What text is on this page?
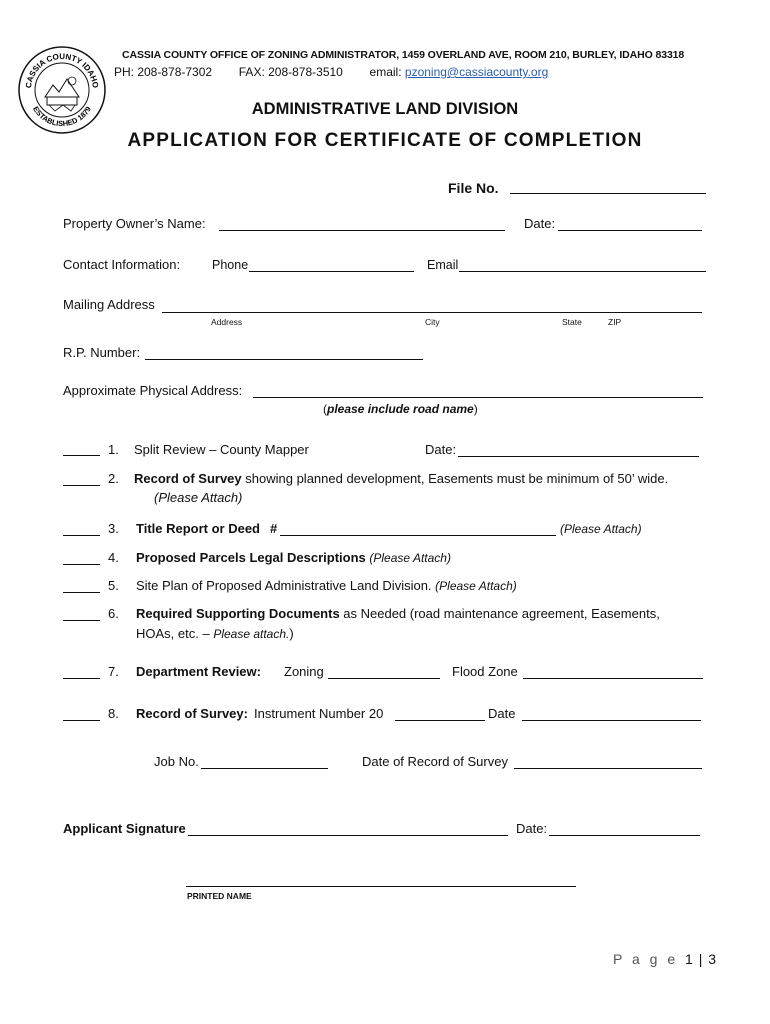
CASSIA COUNTY IDAHO
ESTABLISHED 1879
CASSIA COUNTY OFFICE OF ZONING ADMINISTRATOR, 1459 OVERLAND AVE, ROOM 210, BURLEY, IDAHO 83318
PH: 208-878-7302 FAX: 208-878-3510 email: pzoning@cassiacounty.org
ADMINISTRATIVE LAND DIVISION
APPLICATION FOR CERTIFICATE OF COMPLETION
File No.
Property Owner’s Name:	Date:
Contact Information:	Phone	Email
Mailing Address
Address	City	State	ZIP
R.P. Number:
Approximate Physical Address:
(please include road name)
1. Split Review – County Mapper	Date:
2. Record of Survey showing planned development, Easements must be minimum of 50’ wide.
(Please Attach)
3. Title Report or Deed #	(Please Attach)
4. Proposed Parcels Legal Descriptions (Please Attach)
5. Site Plan of Proposed Administrative Land Division. (Please Attach)
6. Required Supporting Documents as Needed (road maintenance agreement, Easements,
HOAs, etc. – Please attach.)
7. Department Review: Zoning	Flood Zone
8. Record of Survey: Instrument Number 20	Date
Job No.	Date of Record of Survey
Applicant Signature	Date:
PRINTED NAME
P a g e 1 | 3
